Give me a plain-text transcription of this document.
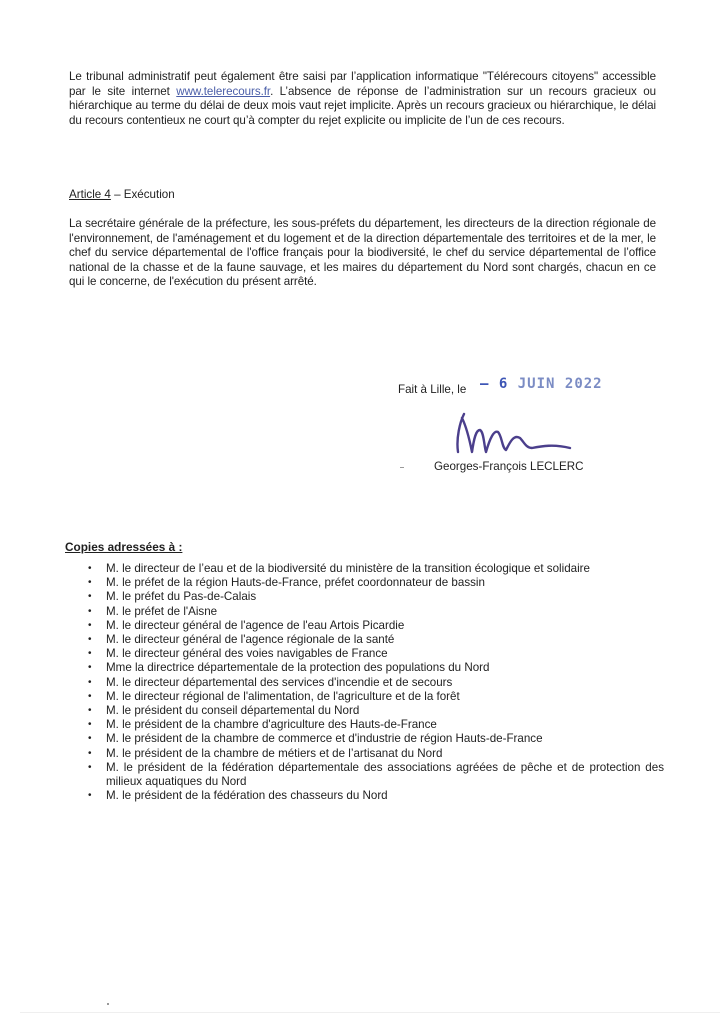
Le tribunal administratif peut également être saisi par l’application informatique "Télérecours citoyens" accessible par le site internet www.telerecours.fr. L’absence de réponse de l’administration sur un recours gracieux ou hiérarchique au terme du délai de deux mois vaut rejet implicite. Après un recours gracieux ou hiérarchique, le délai du recours contentieux ne court qu’à compter du rejet explicite ou implicite de l’un de ces recours.

Article 4 – Exécution

La secrétaire générale de la préfecture, les sous-préfets du département, les directeurs de la direction régionale de l'environnement, de l'aménagement et du logement et de la direction départementale des territoires et de la mer, le chef du service départemental de l'office français pour la biodiversité, le chef du service départemental de l’office national de la chasse et de la faune sauvage, et les maires du département du Nord sont chargés, chacun en ce qui le concerne, de l'exécution du présent arrêté.

Fait à Lille, le – 6 JUIN 2022
Georges-François LECLERC
Copies adressées à :
• M. le directeur de l’eau et de la biodiversité du ministère de la transition écologique et solidaire
• M. le préfet de la région Hauts-de-France, préfet coordonnateur de bassin
• M. le préfet du Pas-de-Calais
• M. le préfet de l'Aisne
• M. le directeur général de l'agence de l'eau Artois Picardie
• M. le directeur général de l'agence régionale de la santé
• M. le directeur général des voies navigables de France
• Mme la directrice départementale de la protection des populations du Nord
• M. le directeur départemental des services d'incendie et de secours
• M. le directeur régional de l'alimentation, de l'agriculture et de la forêt
• M. le président du conseil départemental du Nord
• M. le président de la chambre d'agriculture des Hauts-de-France
• M. le président de la chambre de commerce et d'industrie de région Hauts-de-France
• M. le président de la chambre de métiers et de l’artisanat du Nord
• M. le président de la fédération départementale des associations agréées de pêche et de protection des milieux aquatiques du Nord
• M. le président de la fédération des chasseurs du Nord
